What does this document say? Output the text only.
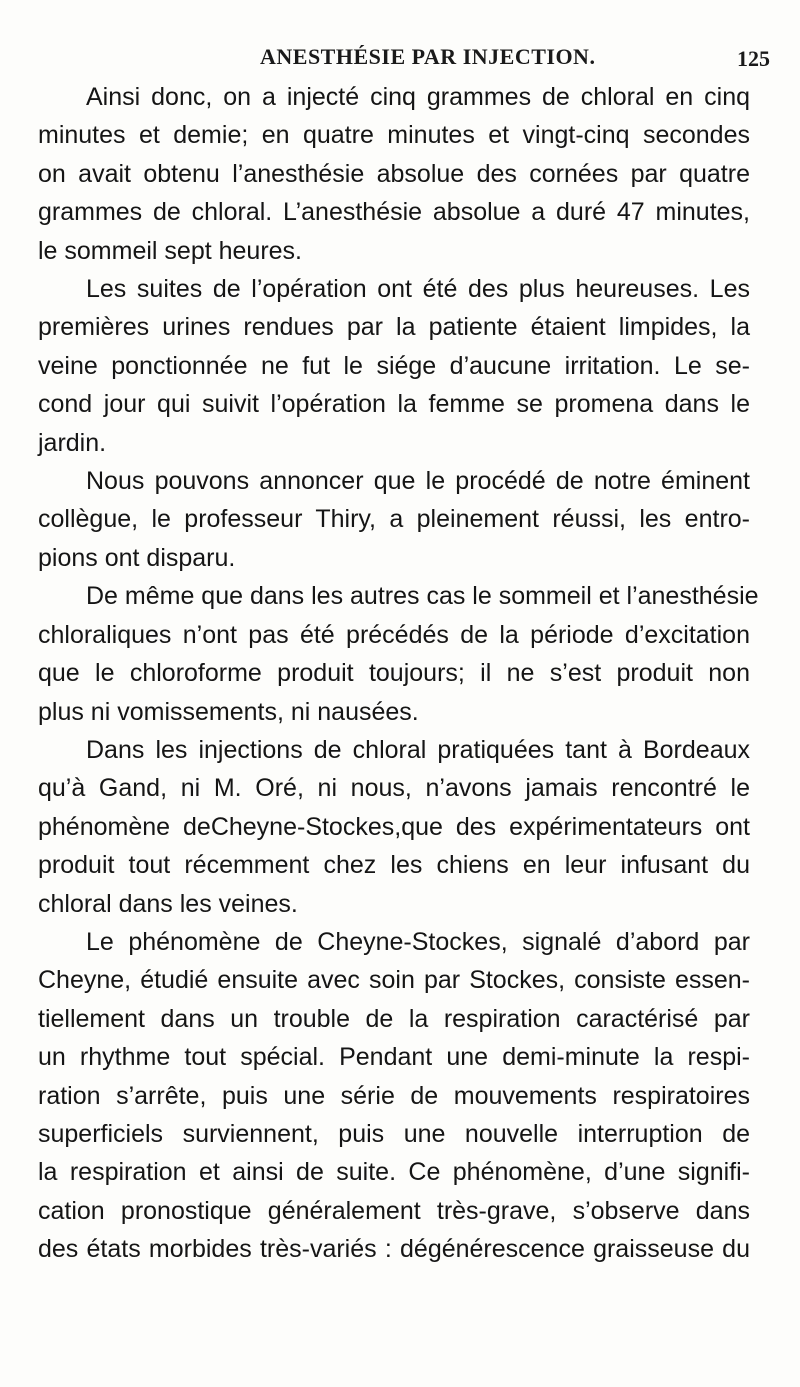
ANESTHÉSIE PAR INJECTION.	125
Ainsi donc, on a injecté cinq grammes de chloral en cinq
minutes et demie; en quatre minutes et vingt-cinq secondes
on avait obtenu l’anesthésie absolue des cornées par quatre
grammes de chloral. L’anesthésie absolue a duré 47 minutes,
le sommeil sept heures.
Les suites de l’opération ont été des plus heureuses. Les
premières urines rendues par la patiente étaient limpides, la
veine ponctionnée ne fut le siége d’aucune irritation. Le se-
cond jour qui suivit l’opération la femme se promena dans le
jardin.
Nous pouvons annoncer que le procédé de notre éminent
collègue, le professeur Thiry, a pleinement réussi, les entro-
pions ont disparu.
De même que dans les autres cas le sommeil et l’anesthésie
chloraliques n’ont pas été précédés de la période d’excitation
que le chloroforme produit toujours; il ne s’est produit non
plus ni vomissements, ni nausées.
Dans les injections de chloral pratiquées tant à Bordeaux
qu’à Gand, ni M. Oré, ni nous, n’avons jamais rencontré le
phénomène deCheyne-Stockes,que des expérimentateurs ont
produit tout récemment chez les chiens en leur infusant du
chloral dans les veines.
Le phénomène de Cheyne-Stockes, signalé d’abord par
Cheyne, étudié ensuite avec soin par Stockes, consiste essen-
tiellement dans un trouble de la respiration caractérisé par
un rhythme tout spécial. Pendant une demi-minute la respi-
ration s’arrête, puis une série de mouvements respiratoires
superficiels surviennent, puis une nouvelle interruption de
la respiration et ainsi de suite. Ce phénomène, d’une signifi-
cation pronostique généralement très-grave, s’observe dans
des états morbides très-variés : dégénérescence graisseuse du
